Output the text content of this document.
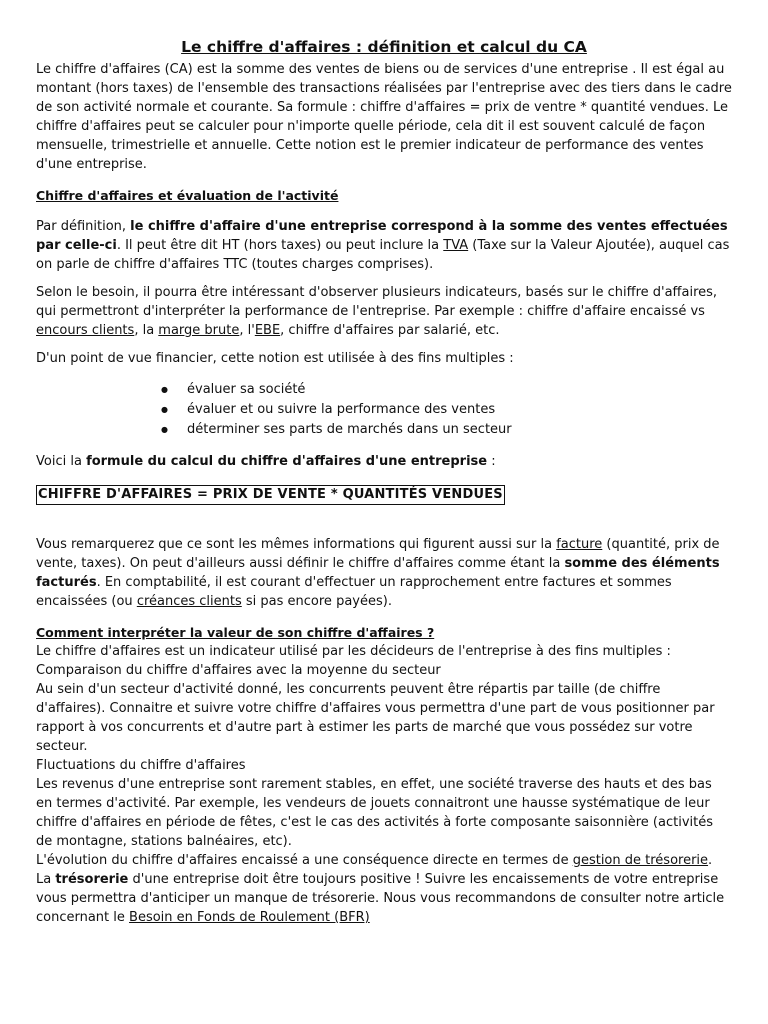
Le chiffre d'affaires : définition et calcul du CA

Le chiffre d'affaires (CA) est la somme des ventes de biens ou de services d'une entreprise . Il est égal au montant (hors taxes) de l'ensemble des transactions réalisées par l'entreprise avec des tiers dans le cadre de son activité normale et courante. Sa formule : chiffre d'affaires = prix de ventre * quantité vendues. Le chiffre d'affaires peut se calculer pour n'importe quelle période, cela dit il est souvent calculé de façon mensuelle, trimestrielle et annuelle. Cette notion est le premier indicateur de performance des ventes d'une entreprise.

Chiffre d'affaires et évaluation de l'activité

Par définition, le chiffre d'affaire d'une entreprise correspond à la somme des ventes effectuées par celle-ci. Il peut être dit HT (hors taxes) ou peut inclure la TVA (Taxe sur la Valeur Ajoutée), auquel cas on parle de chiffre d'affaires TTC (toutes charges comprises).

Selon le besoin, il pourra être intéressant d'observer plusieurs indicateurs, basés sur le chiffre d'affaires, qui permettront d'interpréter la performance de l'entreprise. Par exemple : chiffre d'affaire encaissé vs encours clients, la marge brute, l'EBE, chiffre d'affaires par salarié, etc.

D'un point de vue financier, cette notion est utilisée à des fins multiples :

● évaluer sa société
● évaluer et ou suivre la performance des ventes
● déterminer ses parts de marchés dans un secteur

Voici la formule du calcul du chiffre d'affaires d'une entreprise :

CHIFFRE D'AFFAIRES = PRIX DE VENTE * QUANTITÉS VENDUES

Vous remarquerez que ce sont les mêmes informations qui figurent aussi sur la facture (quantité, prix de vente, taxes). On peut d'ailleurs aussi définir le chiffre d'affaires comme étant la somme des éléments facturés. En comptabilité, il est courant d'effectuer un rapprochement entre factures et sommes encaissées (ou créances clients si pas encore payées).

Comment interpréter la valeur de son chiffre d'affaires ?

Le chiffre d'affaires est un indicateur utilisé par les décideurs de l'entreprise à des fins multiples :

Comparaison du chiffre d'affaires avec la moyenne du secteur

Au sein d'un secteur d'activité donné, les concurrents peuvent être répartis par taille (de chiffre d'affaires). Connaitre et suivre votre chiffre d'affaires vous permettra d'une part de vous positionner par rapport à vos concurrents et d'autre part à estimer les parts de marché que vous possédez sur votre secteur.

Fluctuations du chiffre d'affaires

Les revenus d'une entreprise sont rarement stables, en effet, une société traverse des hauts et des bas en termes d'activité. Par exemple, les vendeurs de jouets connaitront une hausse systématique de leur chiffre d'affaires en période de fêtes, c'est le cas des activités à forte composante saisonnière (activités de montagne, stations balnéaires, etc).

L'évolution du chiffre d'affaires encaissé a une conséquence directe en termes de gestion de trésorerie.

La trésorerie d'une entreprise doit être toujours positive ! Suivre les encaissements de votre entreprise vous permettra d'anticiper un manque de trésorerie. Nous vous recommandons de consulter notre article concernant le Besoin en Fonds de Roulement (BFR)
